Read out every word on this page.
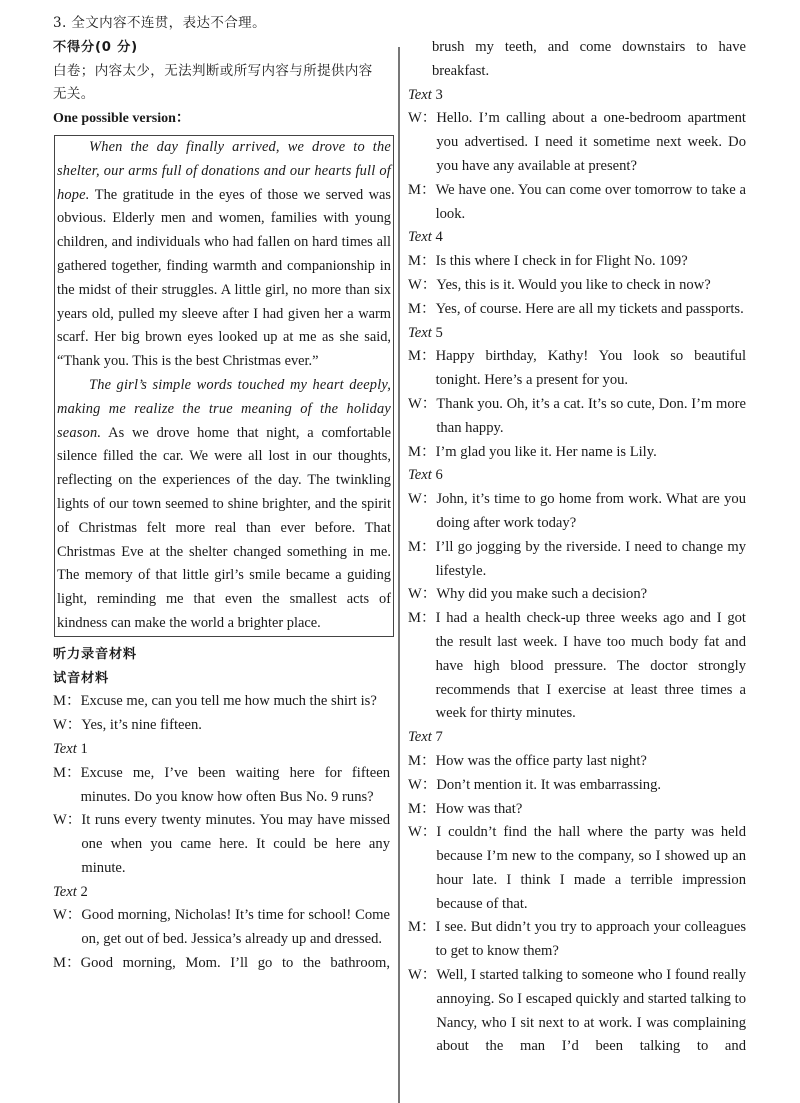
3. 全文内容不连贯，表达不合理。
不得分(0 分)
白卷；内容太少，无法判断或所写内容与所提供内容
无关。
One possible version：

When the day finally arrived, we drove to the shelter, our arms full of donations and our hearts full of hope. The gratitude in the eyes of those we served was obvious. Elderly men and women, families with young children, and individuals who had fallen on hard times all gathered together, finding warmth and companionship in the midst of their struggles. A little girl, no more than six years old, pulled my sleeve after I had given her a warm scarf. Her big brown eyes looked up at me as she said, “Thank you. This is the best Christmas ever.”

The girl’s simple words touched my heart deeply, making me realize the true meaning of the holiday season. As we drove home that night, a comfortable silence filled the car. We were all lost in our thoughts, reflecting on the experiences of the day. The twinkling lights of our town seemed to shine brighter, and the spirit of Christmas felt more real than ever before. That Christmas Eve at the shelter changed something in me. The memory of that little girl’s smile became a guiding light, reminding me that even the smallest acts of kindness can make the world a brighter place.

听力录音材料
试音材料
M： Excuse me, can you tell me how much the shirt is?
W： Yes, it’s nine fifteen.
Text 1
M： Excuse me, I’ve been waiting here for fifteen minutes. Do you know how often Bus No. 9 runs?
W： It runs every twenty minutes. You may have missed one when you came here. It could be here any minute.
Text 2
W： Good morning, Nicholas! It’s time for school! Come on, get out of bed. Jessica’s already up and dressed.
M： Good morning, Mom. I’ll go to the bathroom,
brush my teeth, and come downstairs to have breakfast.
Text 3
W： Hello. I’m calling about a one-bedroom apartment you advertised. I need it sometime next week. Do you have any available at present?
M： We have one. You can come over tomorrow to take a look.
Text 4
M： Is this where I check in for Flight No. 109?
W： Yes, this is it. Would you like to check in now?
M： Yes, of course. Here are all my tickets and passports.
Text 5
M： Happy birthday, Kathy! You look so beautiful tonight. Here’s a present for you.
W： Thank you. Oh, it’s a cat. It’s so cute, Don. I’m more than happy.
M： I’m glad you like it. Her name is Lily.
Text 6
W： John, it’s time to go home from work. What are you doing after work today?
M： I’ll go jogging by the riverside. I need to change my lifestyle.
W： Why did you make such a decision?
M： I had a health check-up three weeks ago and I got the result last week. I have too much body fat and have high blood pressure. The doctor strongly recommends that I exercise at least three times a week for thirty minutes.
Text 7
M： How was the office party last night?
W： Don’t mention it. It was embarrassing.
M： How was that?
W： I couldn’t find the hall where the party was held because I’m new to the company, so I showed up an hour late. I think I made a terrible impression because of that.
M： I see. But didn’t you try to approach your colleagues to get to know them?
W： Well, I started talking to someone who I found really annoying. So I escaped quickly and started talking to Nancy, who I sit next to at work. I was complaining about the man I’d been talking to and
